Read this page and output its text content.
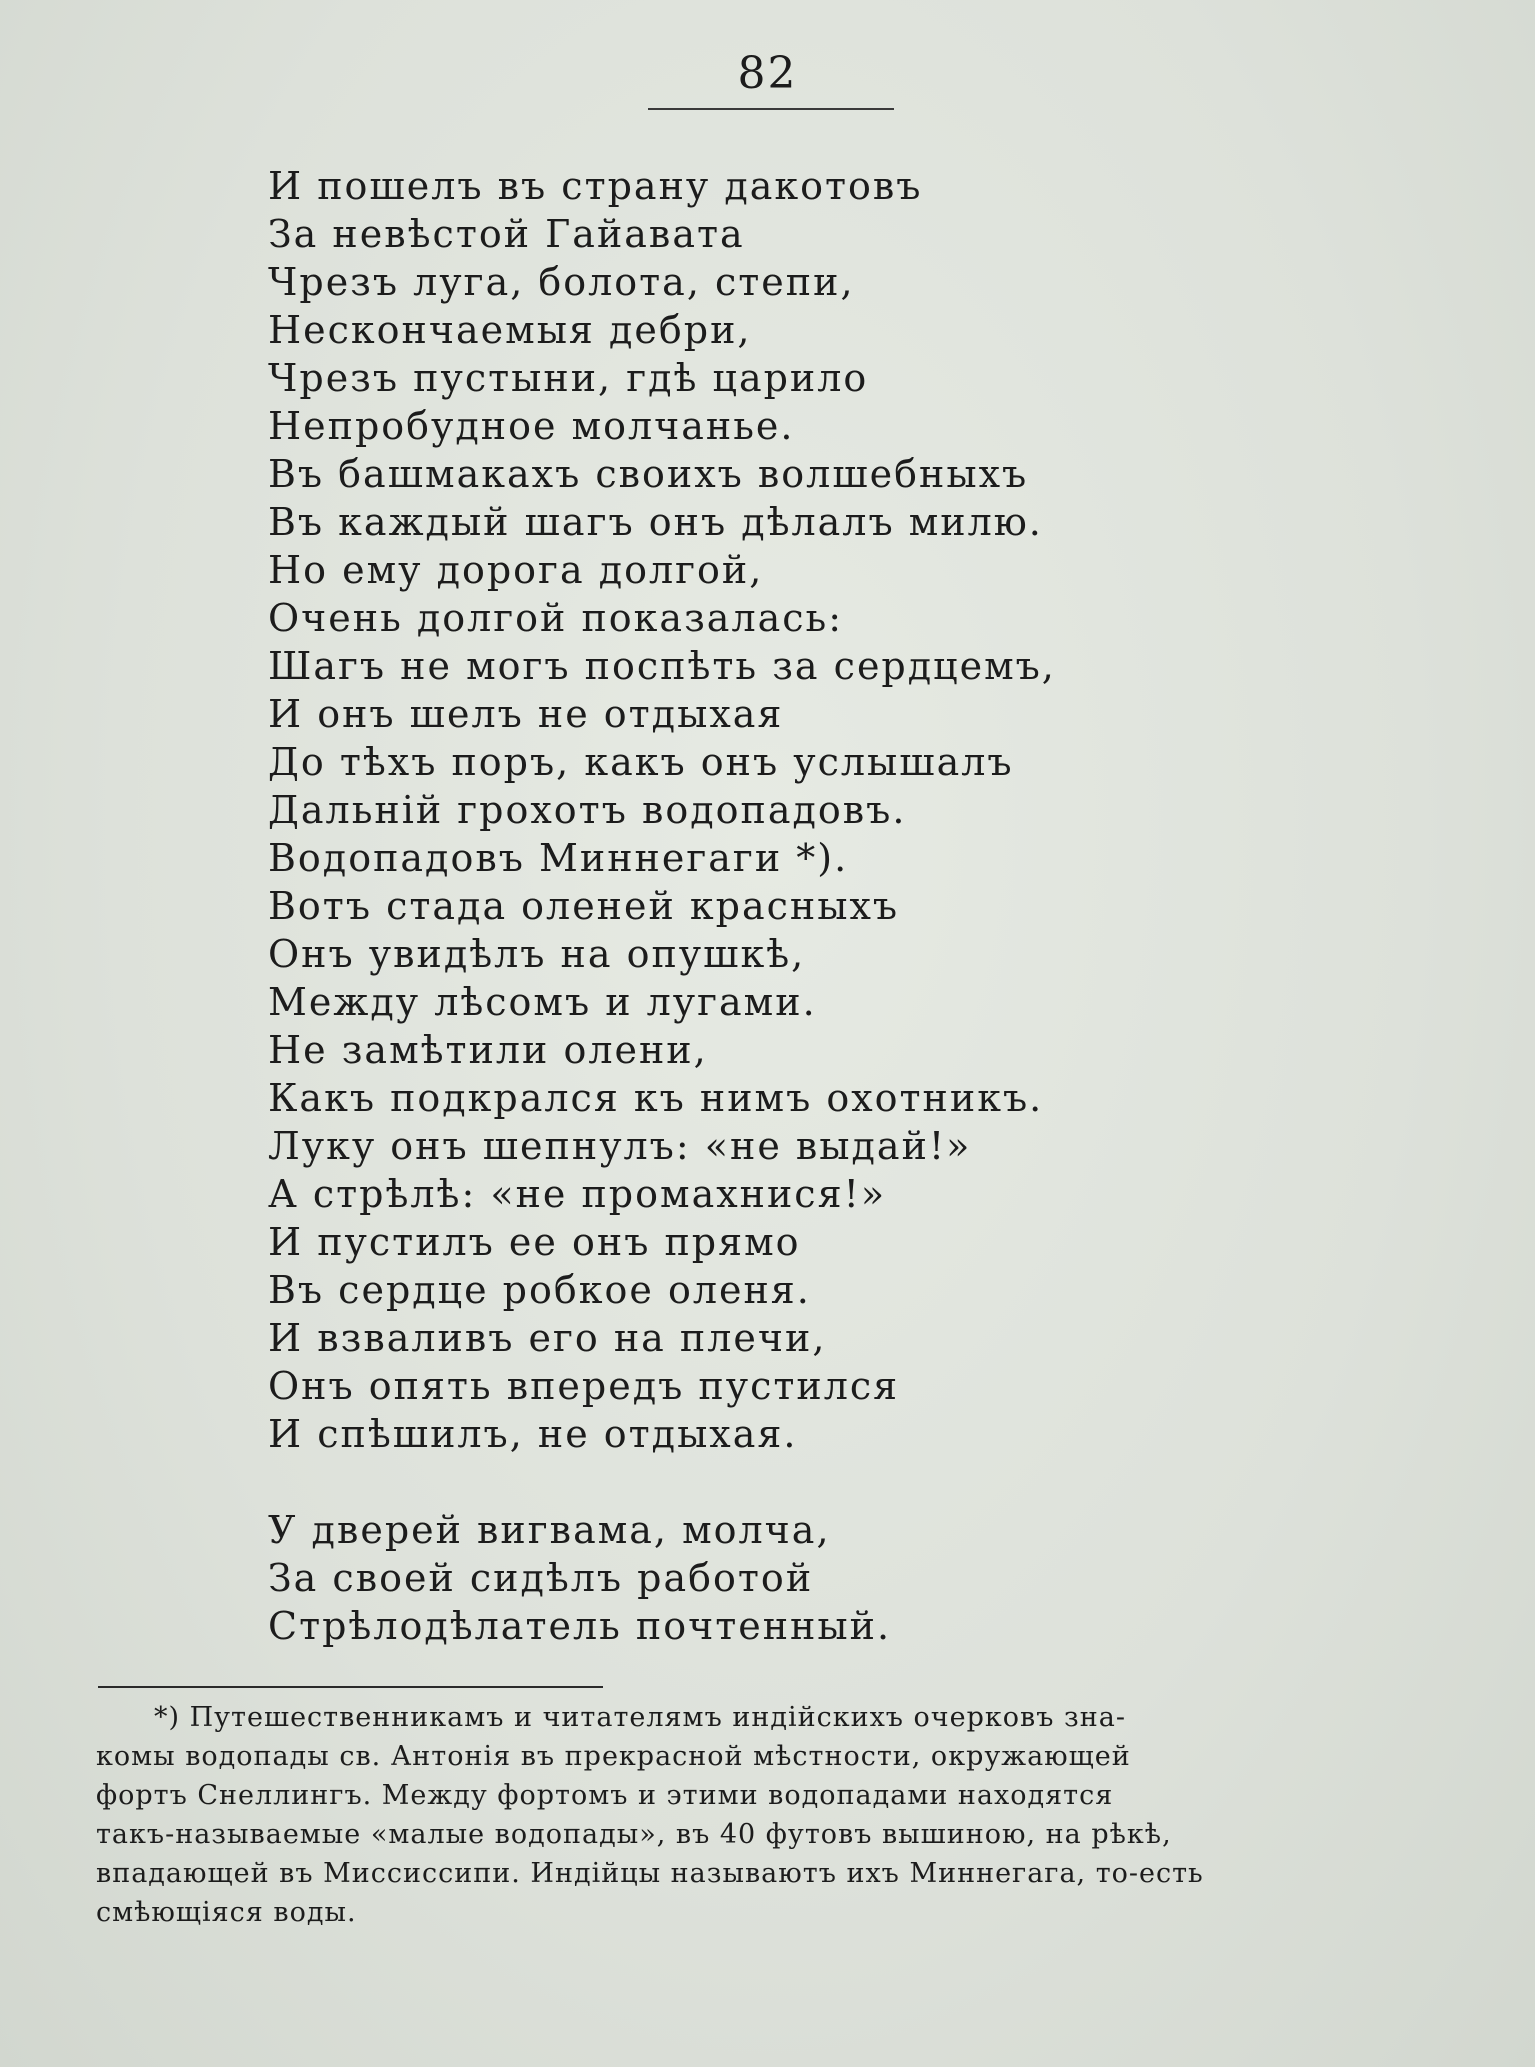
82
И пошелъ въ страну дакотовъ
За невѣстой Гайавата
Чрезъ луга, болота, степи,
Нескончаемыя дебри,
Чрезъ пустыни, гдѣ царило
Непробудное молчанье.
Въ башмакахъ своихъ волшебныхъ
Въ каждый шагъ онъ дѣлалъ милю.
Но ему дорога долгой,
Очень долгой показалась:
Шагъ не могъ поспѣть за сердцемъ,
И онъ шелъ не отдыхая
До тѣхъ поръ, какъ онъ услышалъ
Дальній грохотъ водопадовъ.
Водопадовъ Миннегаги *).
Вотъ стада оленей красныхъ
Онъ увидѣлъ на опушкѣ,
Между лѣсомъ и лугами.
Не замѣтили олени,
Какъ подкрался къ нимъ охотникъ.
Луку онъ шепнулъ: «не выдай!»
А стрѣлѣ: «не промахнися!»
И пустилъ ее онъ прямо
Въ сердце робкое оленя.
И взваливъ его на плечи,
Онъ опять впередъ пустился
И спѣшилъ, не отдыхая.
У дверей вигвама, молча,
За своей сидѣлъ работой
Стрѣлодѣлатель почтенный.
*) Путешественникамъ и читателямъ индійскихъ очерковъ зна-
комы водопады св. Антонія въ прекрасной мѣстности, окружающей
фортъ Снеллингъ. Между фортомъ и этими водопадами находятся
такъ-называемые «малые водопады», въ 40 футовъ вышиною, на рѣкѣ,
впадающей въ Миссиссипи. Индійцы называютъ ихъ Миннегага, то-есть
смѣющіяся воды.
